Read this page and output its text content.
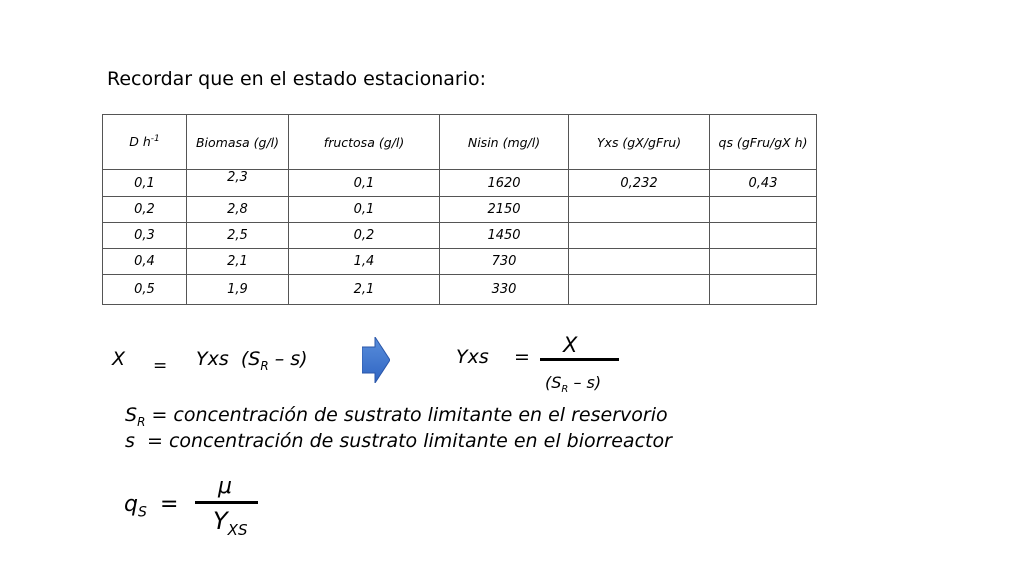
Recordar que en el estado estacionario:
D $h^{-1}$	Biomasa (g/l)	fructosa (g/l)	Nisin (mg/l)	Yxs (gX/gFru)	qs (gFru/gX h)
0,1	2,3	0,1	1620	0,232	0,43
0,2	2,8	0,1	2150		
0,3	2,5	0,2	1450		
0,4	2,1	1,4	730		
0,5	1,9	2,1	330		
X = Yxs  $(S_R - s)$	Yxs = X
$(S_R - s)$
$S_R$ = concentración de sustrato limitante en el reservorio
s  = concentración de sustrato limitante en el biorreactor
$q_S$ =
μ
$Y_{XS}$
